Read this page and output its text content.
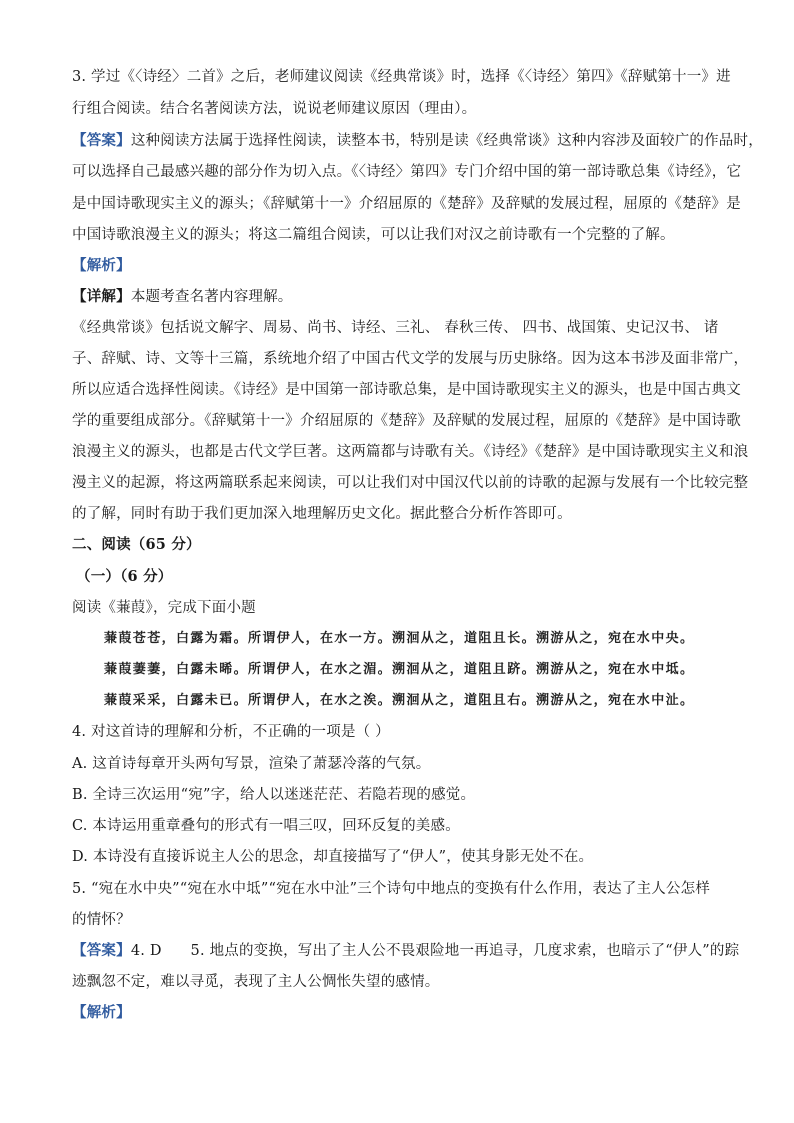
3. 学过《〈诗经〉二首》之后，老师建议阅读《经典常谈》时，选择《〈诗经〉第四》《辞赋第十一》进
行组合阅读。结合名著阅读方法，说说老师建议原因（理由）。
【答案】这种阅读方法属于选择性阅读，读整本书，特别是读《经典常谈》这种内容涉及面较广的作品时，
可以选择自己最感兴趣的部分作为切入点。《〈诗经〉第四》专门介绍中国的第一部诗歌总集《诗经》，它
是中国诗歌现实主义的源头；《辞赋第十一》介绍屈原的《楚辞》及辞赋的发展过程，屈原的《楚辞》是
中国诗歌浪漫主义的源头；将这二篇组合阅读，可以让我们对汉之前诗歌有一个完整的了解。
【解析】
【详解】本题考查名著内容理解。
《经典常谈》包括说文解字、周易、尚书、诗经、三礼、 春秋三传、 四书、战国策、史记汉书、 诸
子、辞赋、诗、文等十三篇，系统地介绍了中国古代文学的发展与历史脉络。因为这本书涉及面非常广，
所以应适合选择性阅读。《诗经》是中国第一部诗歌总集，是中国诗歌现实主义的源头，也是中国古典文
学的重要组成部分。《辞赋第十一》介绍屈原的《楚辞》及辞赋的发展过程，屈原的《楚辞》是中国诗歌
浪漫主义的源头，也都是古代文学巨著。这两篇都与诗歌有关。《诗经》《楚辞》是中国诗歌现实主义和浪
漫主义的起源，将这两篇联系起来阅读，可以让我们对中国汉代以前的诗歌的起源与发展有一个比较完整
的了解，同时有助于我们更加深入地理解历史文化。据此整合分析作答即可。
二、阅读（65 分）
（一）（6 分）
阅读《蒹葭》，完成下面小题
蒹葭苍苍，白露为霜。所谓伊人，在水一方。溯洄从之，道阻且长。溯游从之，宛在水中央。
蒹葭萋萋，白露未晞。所谓伊人，在水之湄。溯洄从之，道阻且跻。溯游从之，宛在水中坻。
蒹葭采采，白露未已。所谓伊人，在水之涘。溯洄从之，道阻且右。溯游从之，宛在水中沚。
4. 对这首诗的理解和分析，不正确的一项是（ ）
A. 这首诗每章开头两句写景，渲染了萧瑟冷落的气氛。
B. 全诗三次运用“宛”字，给人以迷迷茫茫、若隐若现的感觉。
C. 本诗运用重章叠句的形式有一唱三叹，回环反复的美感。
D. 本诗没有直接诉说主人公的思念，却直接描写了“伊人”，使其身影无处不在。
5. “宛在水中央”“宛在水中坻”“宛在水中沚”三个诗句中地点的变换有什么作用，表达了主人公怎样
的情怀？
【答案】4. D      5. 地点的变换，写出了主人公不畏艰险地一再追寻，几度求索，也暗示了“伊人”的踪
迹飘忽不定，难以寻觅，表现了主人公惆怅失望的感情。
【解析】
